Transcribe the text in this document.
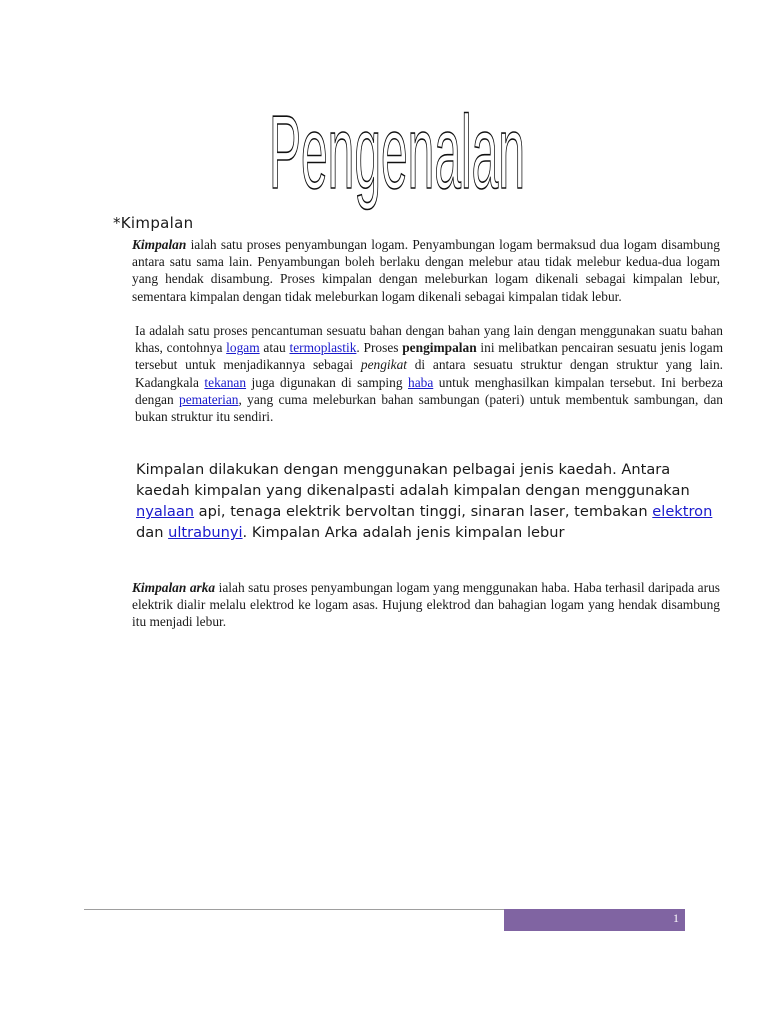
Pengenalan
*Kimpalan

Kimpalan ialah satu proses penyambungan logam. Penyambungan logam bermaksud dua logam disambung antara satu sama lain. Penyambungan boleh berlaku dengan melebur atau tidak melebur kedua-dua logam yang hendak disambung. Proses kimpalan dengan meleburkan logam dikenali sebagai kimpalan lebur, sementara kimpalan dengan tidak meleburkan logam dikenali sebagai kimpalan tidak lebur.

Ia adalah satu proses pencantuman sesuatu bahan dengan bahan yang lain dengan menggunakan suatu bahan khas, contohnya logam atau termoplastik. Proses pengimpalan ini melibatkan pencairan sesuatu jenis logam tersebut untuk menjadikannya sebagai pengikat di antara sesuatu struktur dengan struktur yang lain. Kadangkala tekanan juga digunakan di samping haba untuk menghasilkan kimpalan tersebut. Ini berbeza dengan pematerian, yang cuma meleburkan bahan sambungan (pateri) untuk membentuk sambungan, dan bukan struktur itu sendiri.

Kimpalan dilakukan dengan menggunakan pelbagai jenis kaedah. Antara kaedah kimpalan yang dikenalpasti adalah kimpalan dengan menggunakan nyalaan api, tenaga elektrik bervoltan tinggi, sinaran laser, tembakan elektron dan ultrabunyi. Kimpalan Arka adalah jenis kimpalan lebur

Kimpalan arka ialah satu proses penyambungan logam yang menggunakan haba. Haba terhasil daripada arus elektrik dialir melalu elektrod ke logam asas. Hujung elektrod dan bahagian logam yang hendak disambung itu menjadi lebur.

1
